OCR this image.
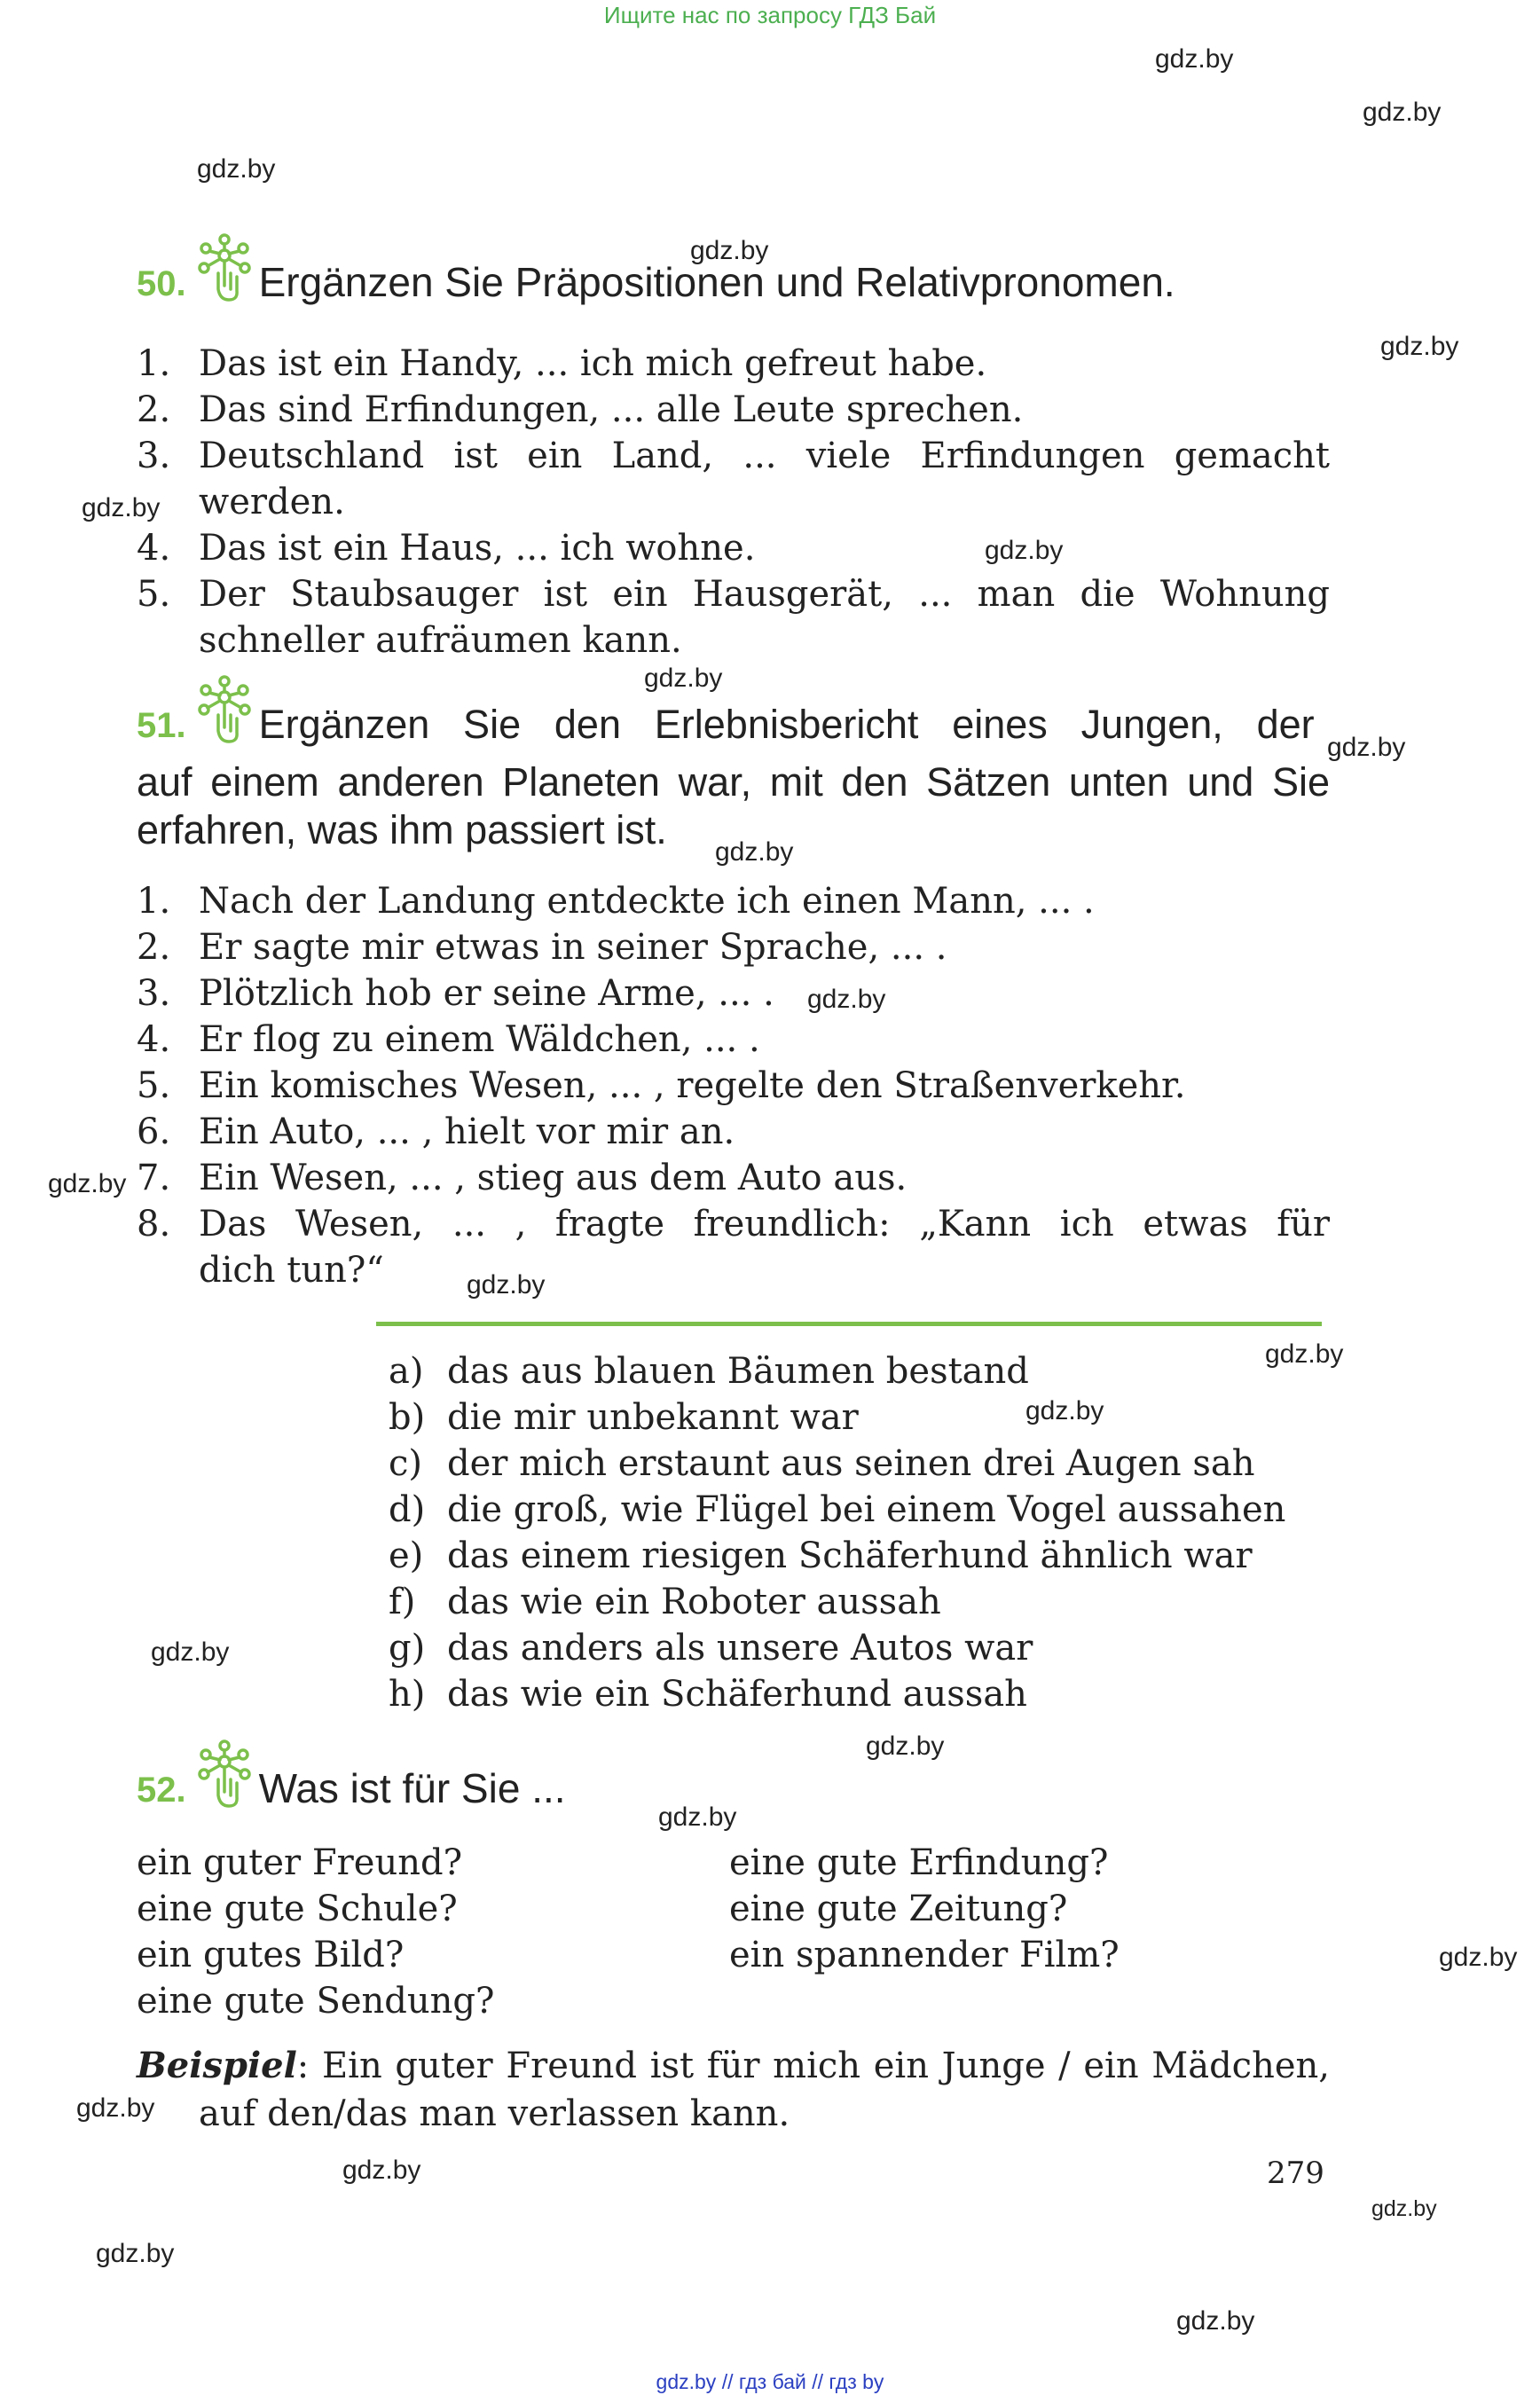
Ищите нас по запросу ГДЗ Бай
gdz.by
gdz.by
gdz.by
gdz.by
gdz.by
gdz.by
gdz.by
gdz.by
gdz.by
gdz.by
gdz.by
gdz.by
gdz.by
gdz.by
gdz.by
gdz.by
gdz.by
gdz.by
gdz.by
gdz.by
gdz.by
gdz.by
gdz.by
gdz.by
50. Ergänzen Sie Präpositionen und Relativpronomen.
1. Das ist ein Handy, ... ich mich gefreut habe.
2. Das sind Erfindungen, ... alle Leute sprechen.
3. Deutschland ist ein Land, ... viele Erfindungen gemacht
werden.
4. Das ist ein Haus, ... ich wohne.
5. Der Staubsauger ist ein Hausgerät, ... man die Wohnung
schneller aufräumen kann.
51. Ergänzen Sie den Erlebnisbericht eines Jungen, der
auf einem anderen Planeten war, mit den Sätzen unten und Sie
erfahren, was ihm passiert ist.
1. Nach der Landung entdeckte ich einen Mann, ... .
2. Er sagte mir etwas in seiner Sprache, ... .
3. Plötzlich hob er seine Arme, ... .
4. Er flog zu einem Wäldchen, ... .
5. Ein komisches Wesen, ... , regelte den Straßenverkehr.
6. Ein Auto, ... , hielt vor mir an.
7. Ein Wesen, ... , stieg aus dem Auto aus.
8. Das Wesen, ... , fragte freundlich: „Kann ich etwas für
dich tun?“
a) das aus blauen Bäumen bestand
b) die mir unbekannt war
c) der mich erstaunt aus seinen drei Augen sah
d) die groß, wie Flügel bei einem Vogel aussahen
e) das einem riesigen Schäferhund ähnlich war
f) das wie ein Roboter aussah
g) das anders als unsere Autos war
h) das wie ein Schäferhund aussah
52. Was ist für Sie ...
ein guter Freund?
eine gute Schule?
ein gutes Bild?
eine gute Sendung?
eine gute Erfindung?
eine gute Zeitung?
ein spannender Film?
Beispiel: Ein guter Freund ist für mich ein Junge / ein Mädchen,
auf den/das man verlassen kann.
279
gdz.by // гдз бай // гдз by
